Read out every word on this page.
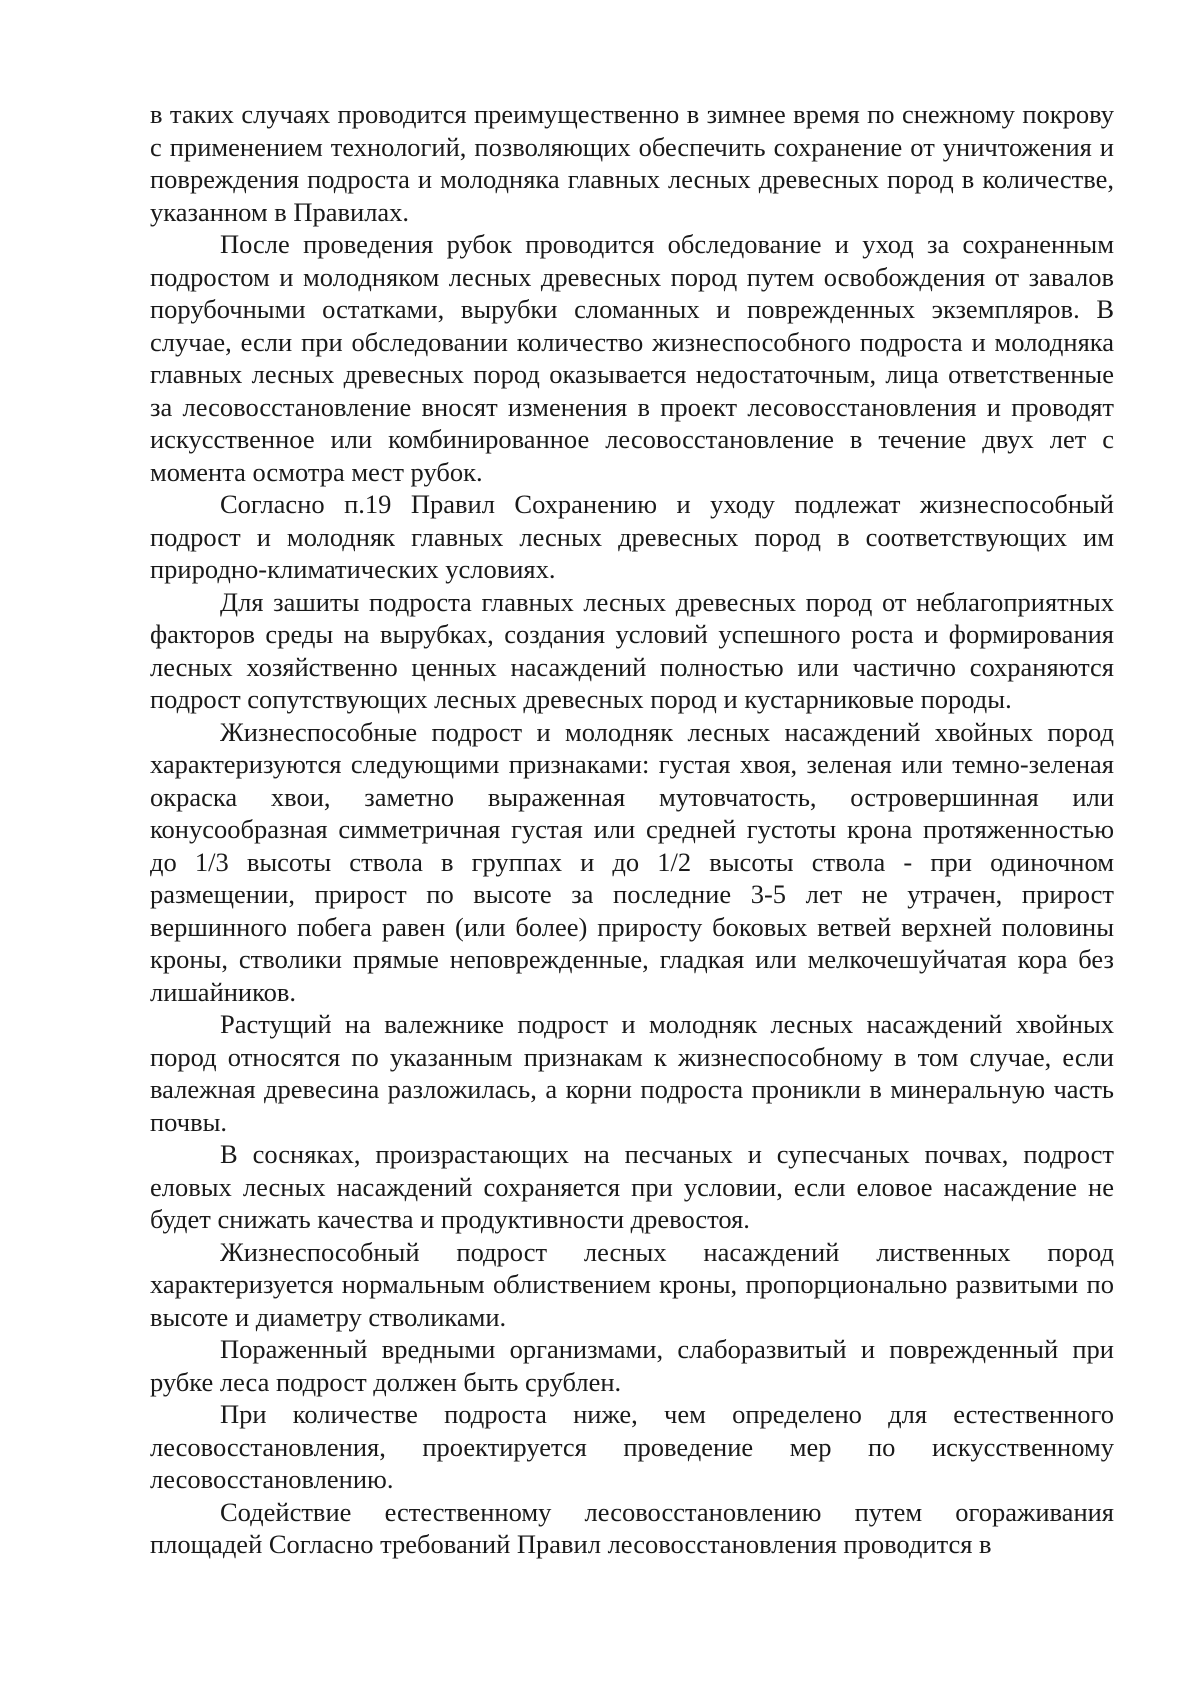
в таких случаях проводится преимущественно в зимнее время по снежному покрову с применением технологий, позволяющих обеспечить сохранение от уничтожения и повреждения подроста и молодняка главных лесных древесных пород в количестве, указанном в Правилах.

После проведения рубок проводится обследование и уход за сохраненным подростом и молодняком лесных древесных пород путем освобождения от завалов порубочными остатками, вырубки сломанных и поврежденных экземпляров. В случае, если при обследовании количество жизнеспособного подроста и молодняка главных лесных древесных пород оказывается недостаточным, лица ответственные за лесовосстановление вносят изменения в проект лесовосстановления и проводят искусственное или комбинированное лесовосстановление в течение двух лет с момента осмотра мест рубок.

Согласно п.19 Правил Сохранению и уходу подлежат жизнеспособный подрост и молодняк главных лесных древесных пород в соответствующих им природно-климатических условиях.

Для зашиты подроста главных лесных древесных пород от неблагоприятных факторов среды на вырубках, создания условий успешного роста и формирования лесных хозяйственно ценных насаждений полностью или частично сохраняются подрост сопутствующих лесных древесных пород и кустарниковые породы.

Жизнеспособные подрост и молодняк лесных насаждений хвойных пород характеризуются следующими признаками: густая хвоя, зеленая или темно-зеленая окраска хвои, заметно выраженная мутовчатость, островершинная или конусообразная симметричная густая или средней густоты крона протяженностью до 1/3 высоты ствола в группах и до 1/2 высоты ствола - при одиночном размещении, прирост по высоте за последние 3-5 лет не утрачен, прирост вершинного побега равен (или более) приросту боковых ветвей верхней половины кроны, стволики прямые неповрежденные, гладкая или мелкочешуйчатая кора без лишайников.

Растущий на валежнике подрост и молодняк лесных насаждений хвойных пород относятся по указанным признакам к жизнеспособному в том случае, если валежная древесина разложилась, а корни подроста проникли в минеральную часть почвы.

В сосняках, произрастающих на песчаных и супесчаных почвах, подрост еловых лесных насаждений сохраняется при условии, если еловое насаждение не будет снижать качества и продуктивности древостоя.

Жизнеспособный подрост лесных насаждений лиственных пород характеризуется нормальным облиствением кроны, пропорционально развитыми по высоте и диаметру стволиками.

Пораженный вредными организмами, слаборазвитый и поврежденный при рубке леса подрост должен быть срублен.

При количестве подроста ниже, чем определено для естественного лесовосстановления, проектируется проведение мер по искусственному лесовосстановлению.

Содействие естественному лесовосстановлению путем огораживания площадей Согласно требований Правил лесовосстановления проводится в
